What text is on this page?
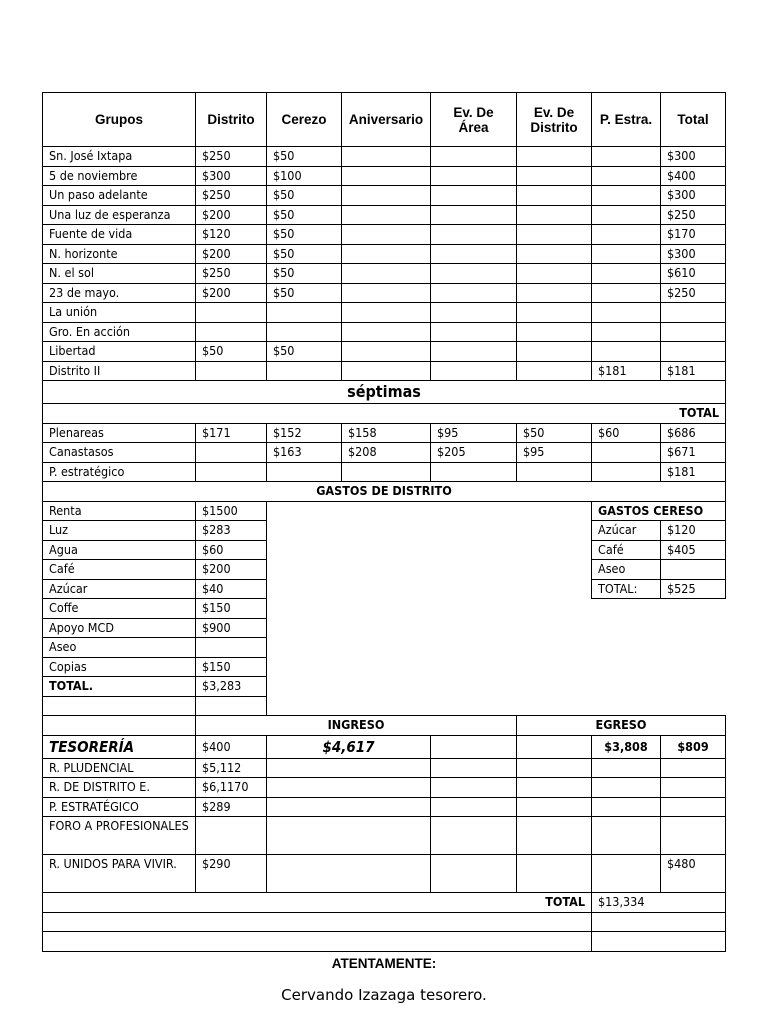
Grupos	Distrito	Cerezo	Aniversario	Ev. De Área	Ev. De Distrito	P. Estra.	Total
Sn. José Ixtapa	$250	$50					$300
5 de noviembre	$300	$100					$400
Un paso adelante	$250	$50					$300
Una luz de esperanza	$200	$50					$250
Fuente de vida	$120	$50					$170
N. horizonte	$200	$50					$300
N. el sol	$250	$50					$610
23 de mayo.	$200	$50					$250
La unión							
Gro. En acción							
Libertad	$50	$50					
Distrito II						$181	$181
séptimas							
TOTAL							
Plenareas	$171	$152	$158	$95	$50	$60	$686
Canastasos		$163	$208	$205	$95		$671
P. estratégico							$181
GASTOS DE DISTRITO							
Renta	$1500					GASTOS CERESO	
Luz	$283					Azúcar	$120
Agua	$60					Café	$405
Café	$200					Aseo	
Azúcar	$40					TOTAL:	$525
Coffe	$150						
Apoyo MCD	$900						
Aseo							
Copias	$150						
TOTAL.	$3,283						

	INGRESO				EGRESO		
TESORERÍA	$400	$4,617				$3,808	$809
R. PLUDENCIAL	$5,112						
R. DE DISTRITO E.	$6,1170						
P. ESTRATÉGICO	$289						
FORO A PROFESIONALES							
R. UNIDOS PARA VIVIR.	$290						$480
TOTAL						$13,334	

ATENTAMENTE:
Cervando Izazaga tesorero.
